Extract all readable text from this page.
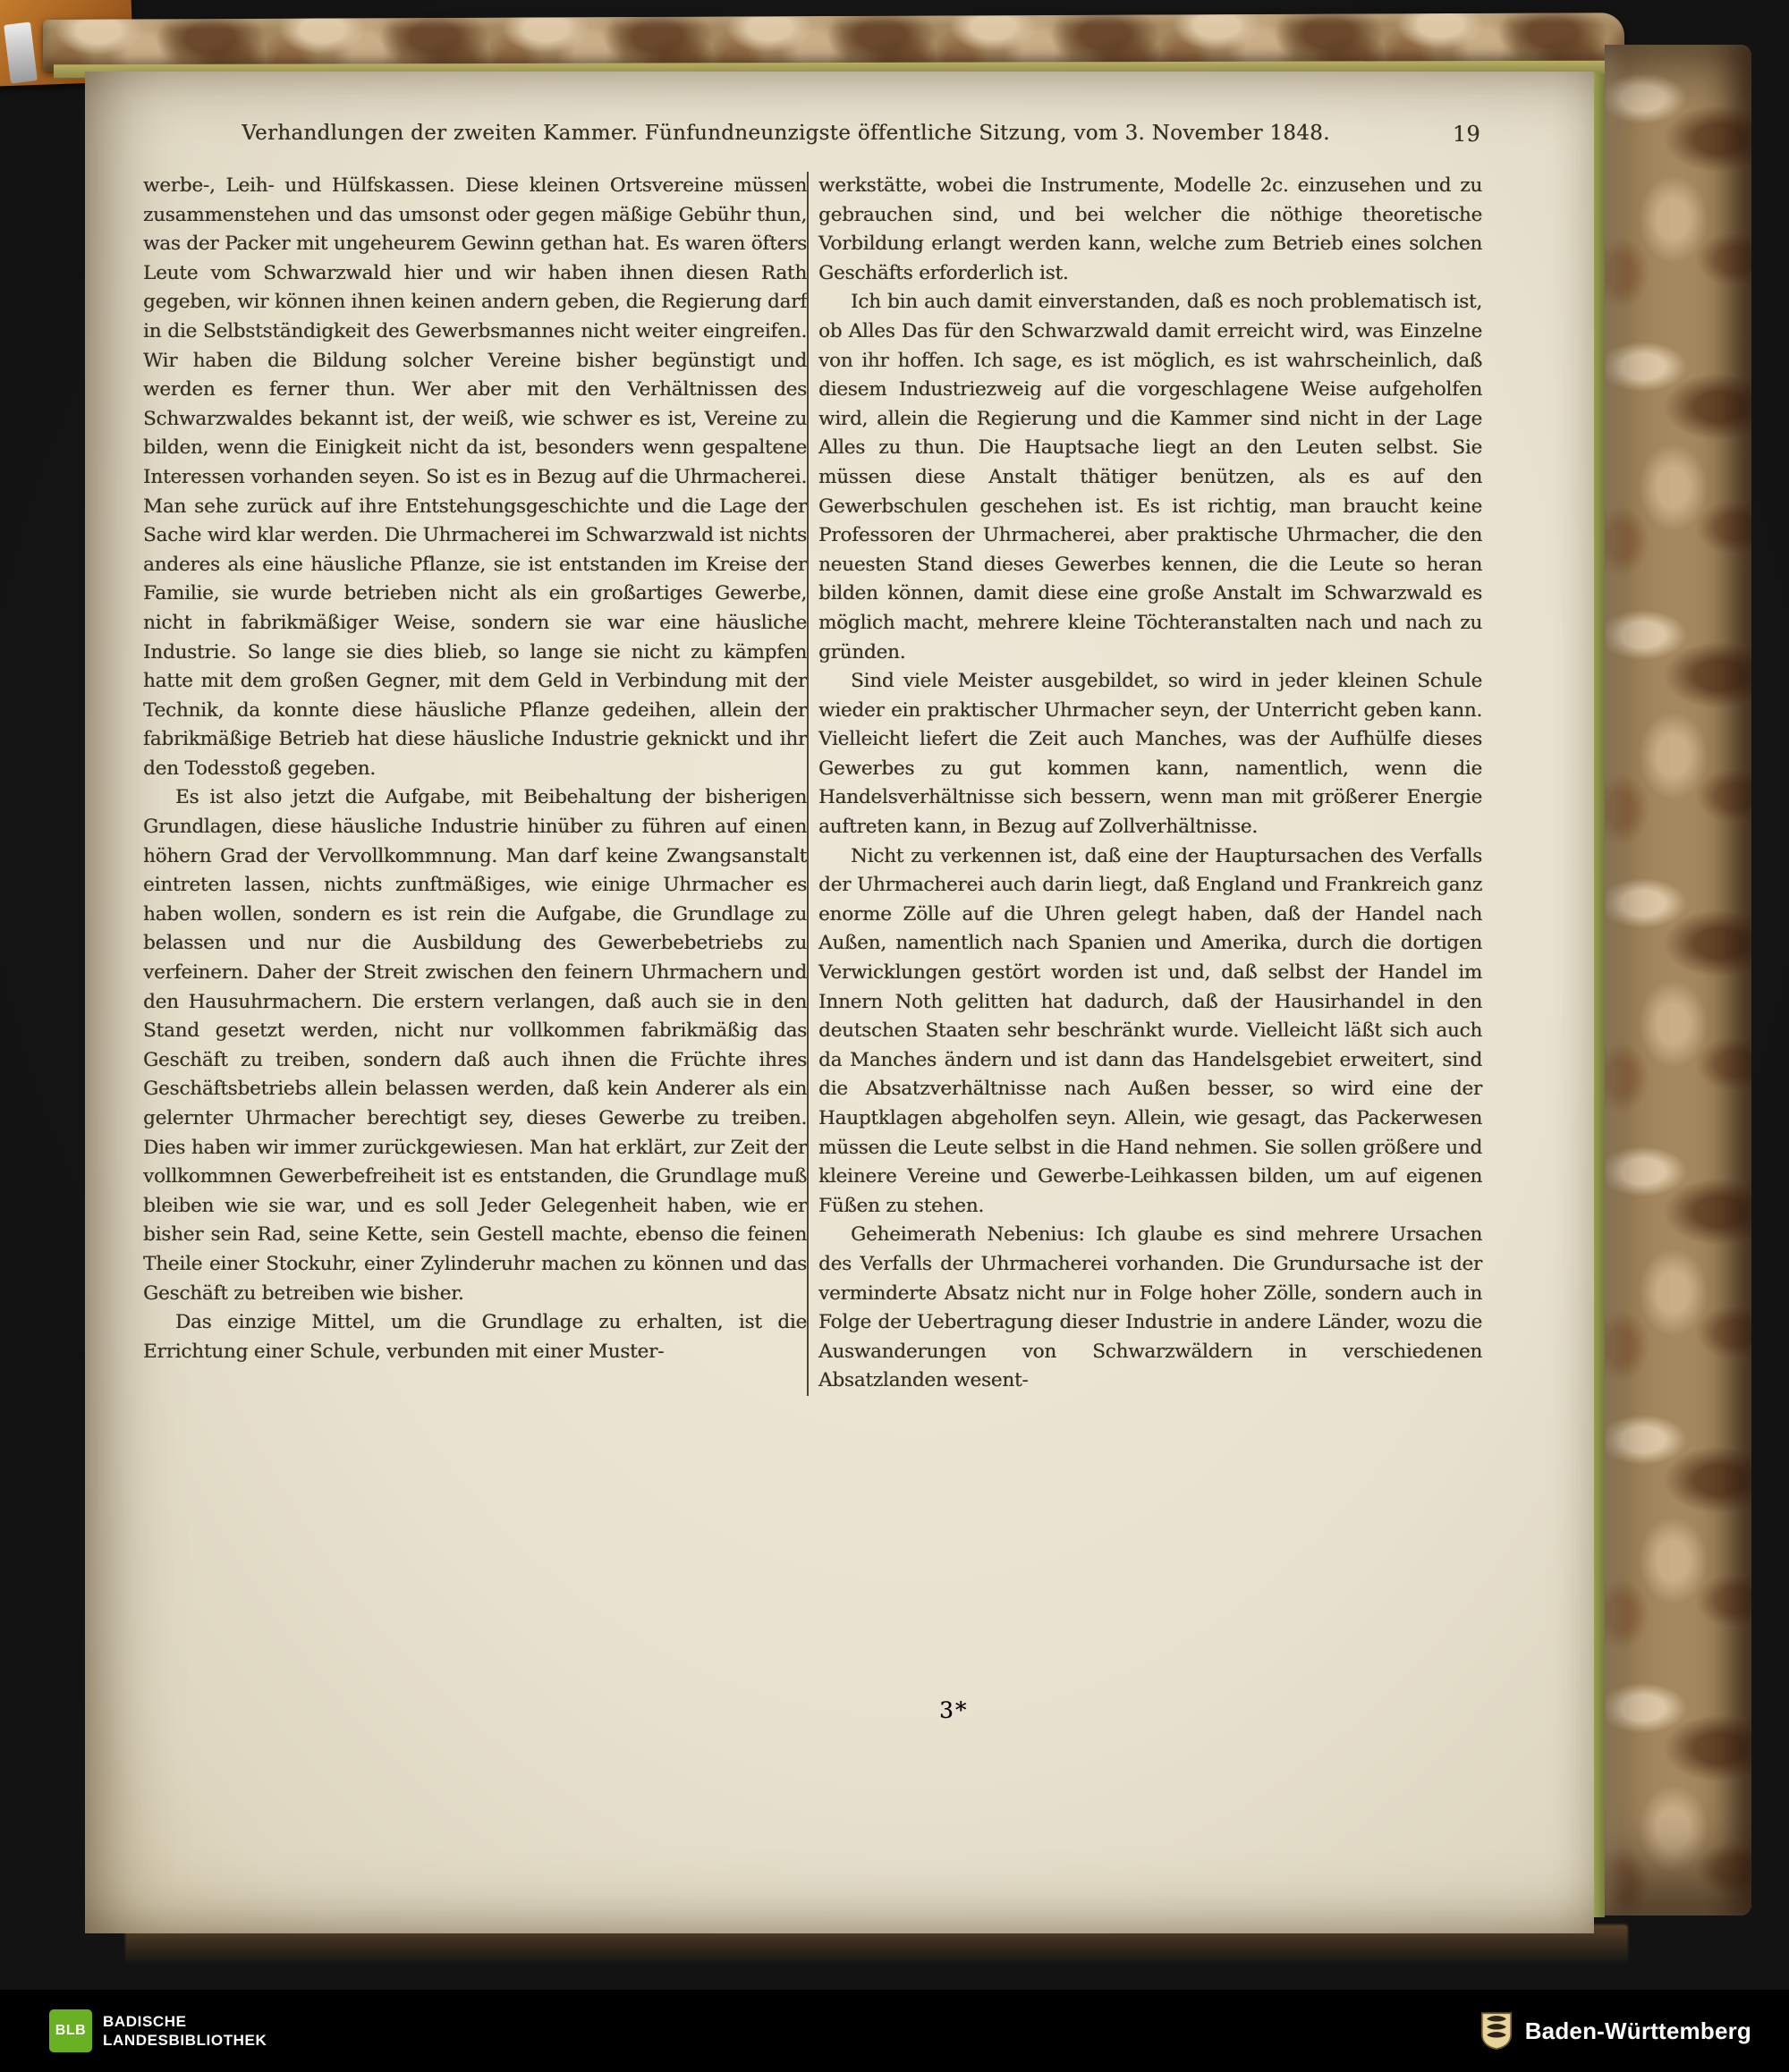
Verhandlungen der zweiten Kammer. Fünfundneunzigste öffentliche Sitzung, vom 3. November 1848.	19

werbe-, Leih- und Hülfskassen. Diese kleinen Ortsvereine müssen zusammenstehen und das umsonst oder gegen mäßige Gebühr thun, was der Packer mit ungeheurem Gewinn gethan hat. Es waren öfters Leute vom Schwarzwald hier und wir haben ihnen diesen Rath gegeben, wir können ihnen keinen andern geben, die Regierung darf in die Selbstständigkeit des Gewerbsmannes nicht weiter eingreifen. Wir haben die Bildung solcher Vereine bisher begünstigt und werden es ferner thun. Wer aber mit den Verhältnissen des Schwarzwaldes bekannt ist, der weiß, wie schwer es ist, Vereine zu bilden, wenn die Einigkeit nicht da ist, besonders wenn gespaltene Interessen vorhanden seyen. So ist es in Bezug auf die Uhrmacherei. Man sehe zurück auf ihre Entstehungsgeschichte und die Lage der Sache wird klar werden. Die Uhrmacherei im Schwarzwald ist nichts anderes als eine häusliche Pflanze, sie ist entstanden im Kreise der Familie, sie wurde betrieben nicht als ein großartiges Gewerbe, nicht in fabrikmäßiger Weise, sondern sie war eine häusliche Industrie. So lange sie dies blieb, so lange sie nicht zu kämpfen hatte mit dem großen Gegner, mit dem Geld in Verbindung mit der Technik, da konnte diese häusliche Pflanze gedeihen, allein der fabrikmäßige Betrieb hat diese häusliche Industrie geknickt und ihr den Todesstoß gegeben.

Es ist also jetzt die Aufgabe, mit Beibehaltung der bisherigen Grundlagen, diese häusliche Industrie hinüber zu führen auf einen höhern Grad der Vervollkommnung. Man darf keine Zwangsanstalt eintreten lassen, nichts zunftmäßiges, wie einige Uhrmacher es haben wollen, sondern es ist rein die Aufgabe, die Grundlage zu belassen und nur die Ausbildung des Gewerbebetriebs zu verfeinern. Daher der Streit zwischen den feinern Uhrmachern und den Hausuhrmachern. Die erstern verlangen, daß auch sie in den Stand gesetzt werden, nicht nur vollkommen fabrikmäßig das Geschäft zu treiben, sondern daß auch ihnen die Früchte ihres Geschäftsbetriebs allein belassen werden, daß kein Anderer als ein gelernter Uhrmacher berechtigt sey, dieses Gewerbe zu treiben. Dies haben wir immer zurückgewiesen. Man hat erklärt, zur Zeit der vollkommnen Gewerbefreiheit ist es entstanden, die Grundlage muß bleiben wie sie war, und es soll Jeder Gelegenheit haben, wie er bisher sein Rad, seine Kette, sein Gestell machte, ebenso die feinen Theile einer Stockuhr, einer Zylinderuhr machen zu können und das Geschäft zu betreiben wie bisher.

Das einzige Mittel, um die Grundlage zu erhalten, ist die Errichtung einer Schule, verbunden mit einer Muster-

werkstätte, wobei die Instrumente, Modelle 2c. einzusehen und zu gebrauchen sind, und bei welcher die nöthige theoretische Vorbildung erlangt werden kann, welche zum Betrieb eines solchen Geschäfts erforderlich ist.

Ich bin auch damit einverstanden, daß es noch problematisch ist, ob Alles Das für den Schwarzwald damit erreicht wird, was Einzelne von ihr hoffen. Ich sage, es ist möglich, es ist wahrscheinlich, daß diesem Industriezweig auf die vorgeschlagene Weise aufgeholfen wird, allein die Regierung und die Kammer sind nicht in der Lage Alles zu thun. Die Hauptsache liegt an den Leuten selbst. Sie müssen diese Anstalt thätiger benützen, als es auf den Gewerbschulen geschehen ist. Es ist richtig, man braucht keine Professoren der Uhrmacherei, aber praktische Uhrmacher, die den neuesten Stand dieses Gewerbes kennen, die die Leute so heran bilden können, damit diese eine große Anstalt im Schwarzwald es möglich macht, mehrere kleine Töchteranstalten nach und nach zu gründen.

Sind viele Meister ausgebildet, so wird in jeder kleinen Schule wieder ein praktischer Uhrmacher seyn, der Unterricht geben kann. Vielleicht liefert die Zeit auch Manches, was der Aufhülfe dieses Gewerbes zu gut kommen kann, namentlich, wenn die Handelsverhältnisse sich bessern, wenn man mit größerer Energie auftreten kann, in Bezug auf Zollverhältnisse.

Nicht zu verkennen ist, daß eine der Hauptursachen des Verfalls der Uhrmacherei auch darin liegt, daß England und Frankreich ganz enorme Zölle auf die Uhren gelegt haben, daß der Handel nach Außen, namentlich nach Spanien und Amerika, durch die dortigen Verwicklungen gestört worden ist und, daß selbst der Handel im Innern Noth gelitten hat dadurch, daß der Hausirhandel in den deutschen Staaten sehr beschränkt wurde. Vielleicht läßt sich auch da Manches ändern und ist dann das Handelsgebiet erweitert, sind die Absatzverhältnisse nach Außen besser, so wird eine der Hauptklagen abgeholfen seyn. Allein, wie gesagt, das Packerwesen müssen die Leute selbst in die Hand nehmen. Sie sollen größere und kleinere Vereine und Gewerbe-Leihkassen bilden, um auf eigenen Füßen zu stehen.

Geheimerath Nebenius: Ich glaube es sind mehrere Ursachen des Verfalls der Uhrmacherei vorhanden. Die Grundursache ist der verminderte Absatz nicht nur in Folge hoher Zölle, sondern auch in Folge der Uebertragung dieser Industrie in andere Länder, wozu die Auswanderungen von Schwarzwäldern in verschiedenen Absatzlanden wesent-

3*
BLB
BADISCHE
LANDESBIBLIOTHEK	Baden-Württemberg
